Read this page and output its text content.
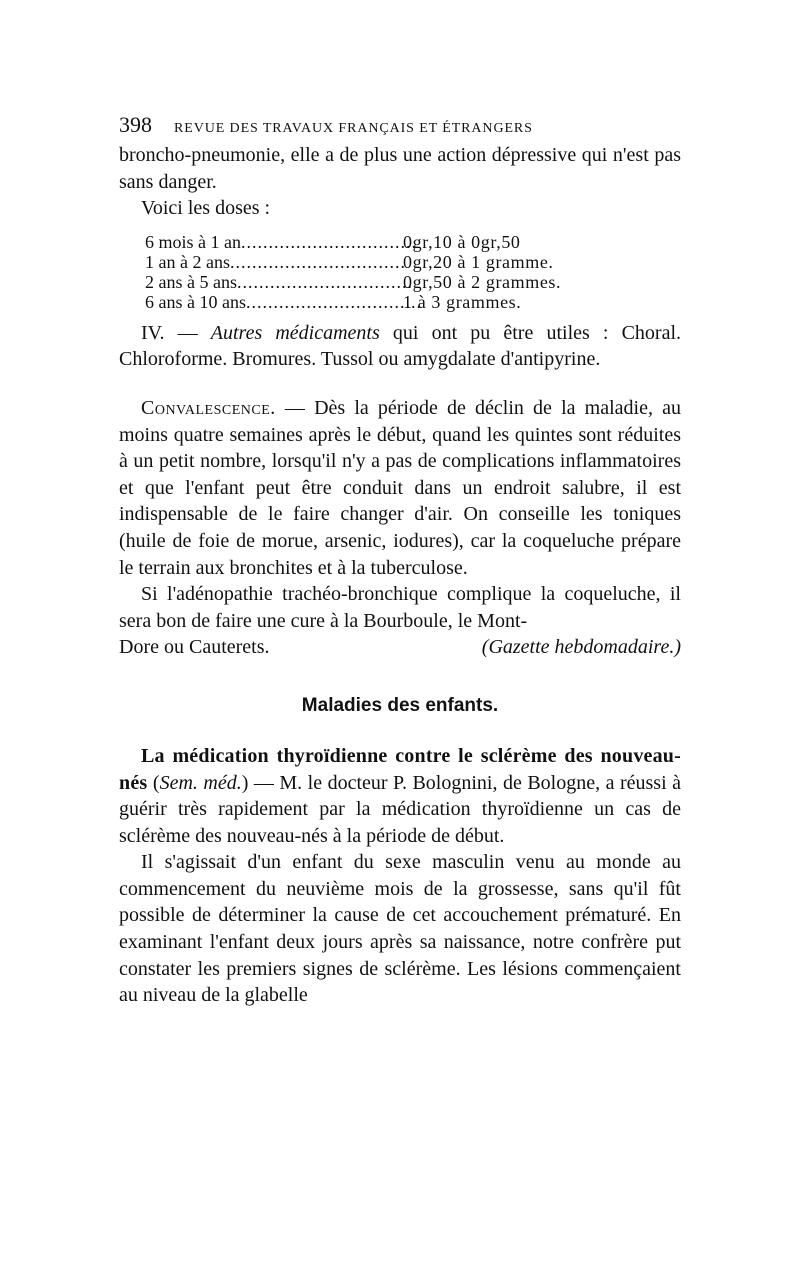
398 REVUE DES TRAVAUX FRANÇAIS ET ÉTRANGERS

broncho-pneumonie, elle a de plus une action dépressive qui n'est pas sans danger.

Voici les doses :

6 mois à 1 an................................
0gr,10 à 0gr,50
1 an à 2 ans................................
0gr,20 à 1 gramme.
2 ans à 5 ans................................
0gr,50 à 2 grammes.
6 ans à 10 ans................................
1 à 3 grammes.

IV. — Autres médicaments qui ont pu être utiles : Choral. Chloroforme. Bromures. Tussol ou amygdalate d'antipyrine.

Convalescence. — Dès la période de déclin de la maladie, au moins quatre semaines après le début, quand les quintes sont réduites à un petit nombre, lorsqu'il n'y a pas de complications inflammatoires et que l'enfant peut être conduit dans un endroit salubre, il est indispensable de le faire changer d'air. On conseille les toniques (huile de foie de morue, arsenic, iodures), car la coqueluche prépare le terrain aux bronchites et à la tuberculose.

Si l'adénopathie trachéo-bronchique complique la coqueluche, il sera bon de faire une cure à la Bourboule, le Mont-

Dore ou Cauterets.	(Gazette hebdomadaire.)

Maladies des enfants.

La médication thyroïdienne contre le sclérème des nouveau-nés (Sem. méd.) — M. le docteur P. Bolognini, de Bologne, a réussi à guérir très rapidement par la médication thyroïdienne un cas de sclérème des nouveau-nés à la période de début.

Il s'agissait d'un enfant du sexe masculin venu au monde au commencement du neuvième mois de la grossesse, sans qu'il fût possible de déterminer la cause de cet accouchement prématuré. En examinant l'enfant deux jours après sa naissance, notre confrère put constater les premiers signes de sclérème. Les lésions commençaient au niveau de la glabelle
